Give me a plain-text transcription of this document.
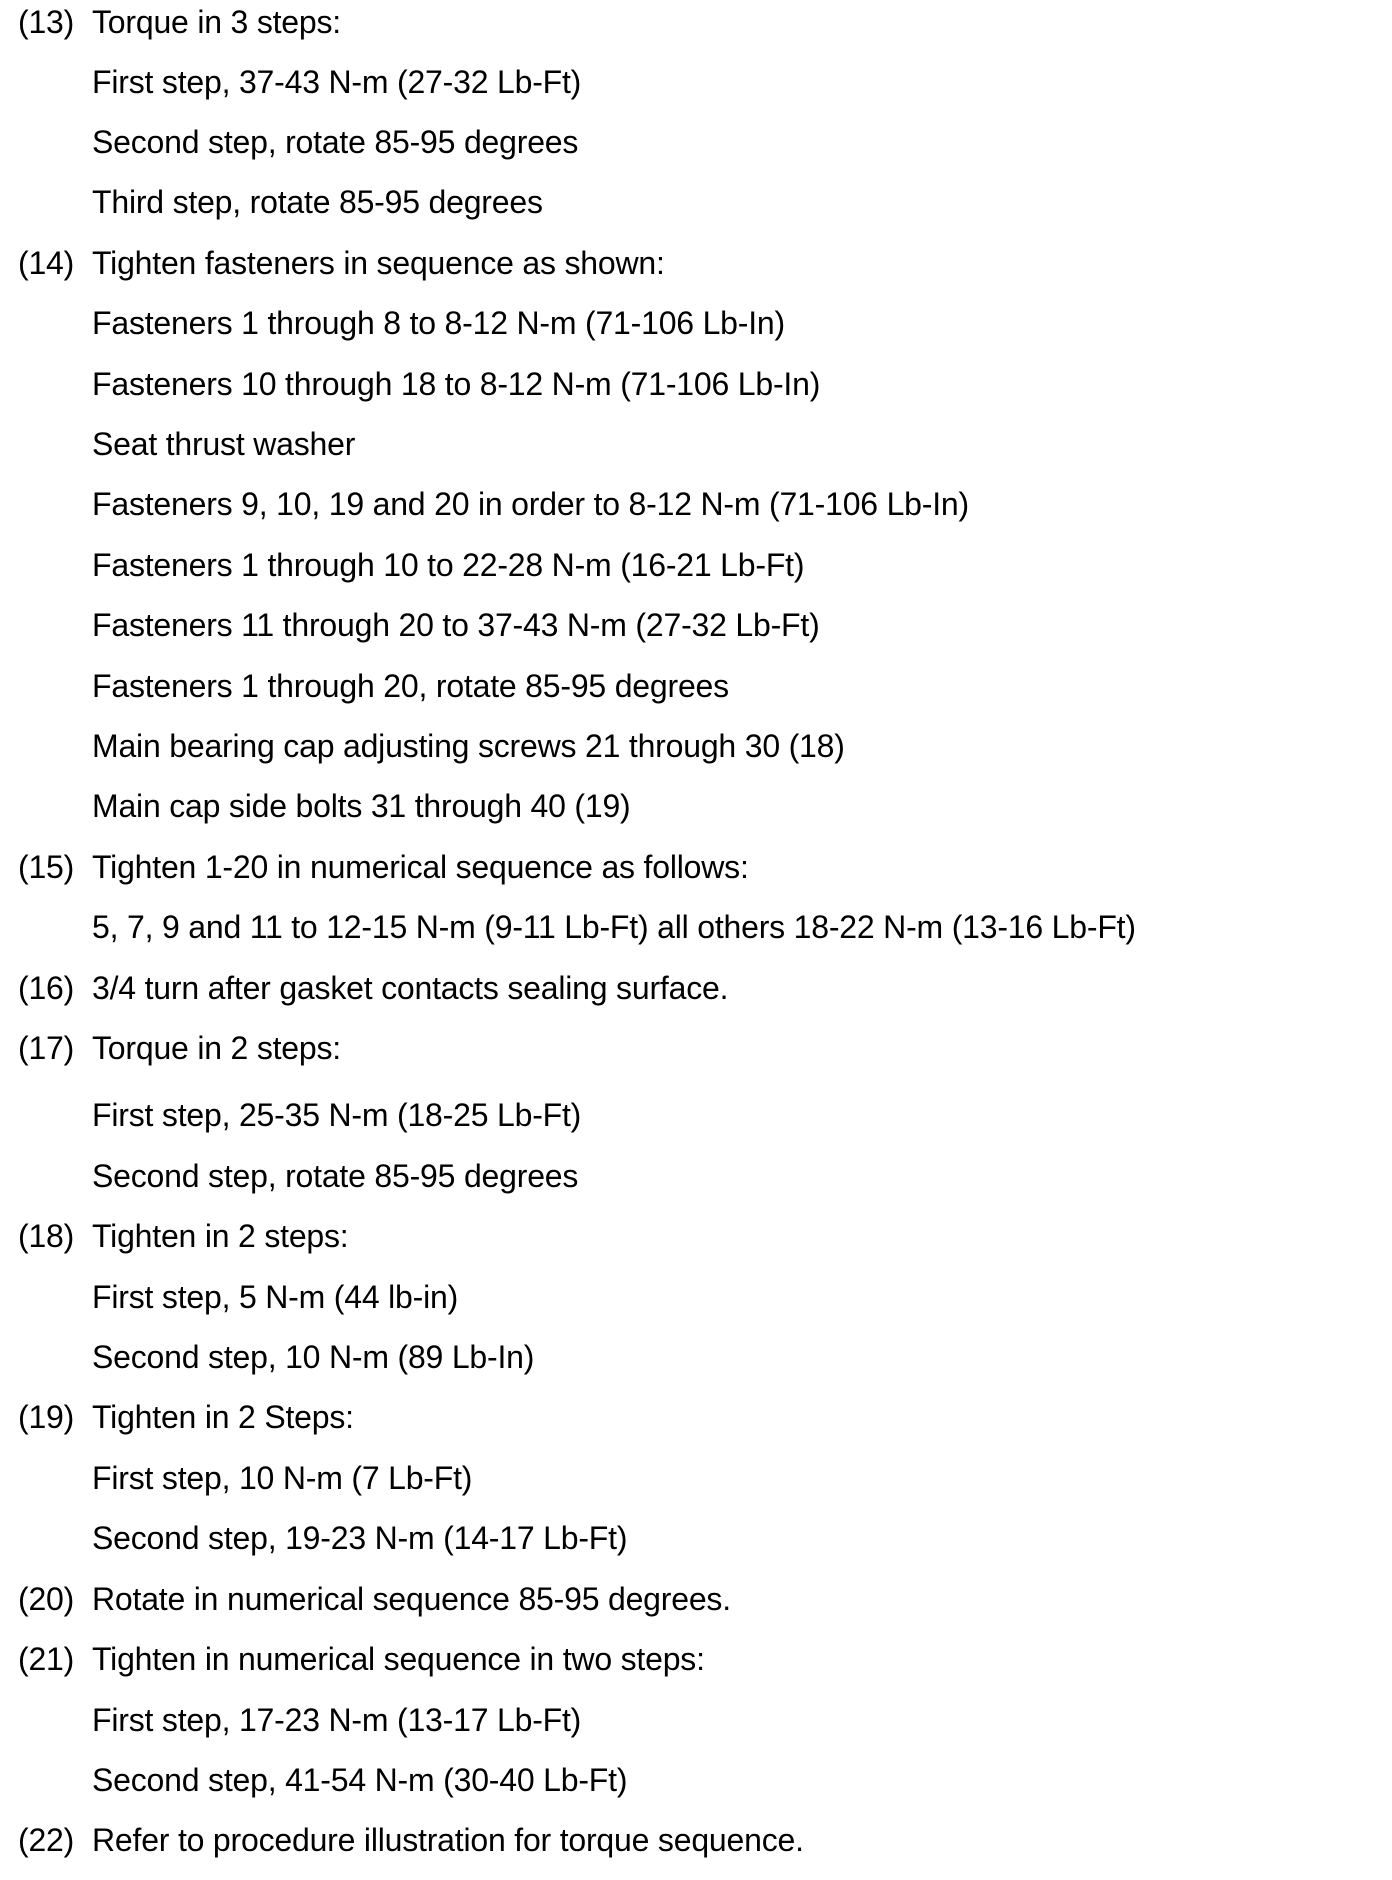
(13) Torque in 3 steps:
First step, 37-43 N-m (27-32 Lb-Ft)
Second step, rotate 85-95 degrees
Third step, rotate 85-95 degrees
(14) Tighten fasteners in sequence as shown:
Fasteners 1 through 8 to 8-12 N-m (71-106 Lb-In)
Fasteners 10 through 18 to 8-12 N-m (71-106 Lb-In)
Seat thrust washer
Fasteners 9, 10, 19 and 20 in order to 8-12 N-m (71-106 Lb-In)
Fasteners 1 through 10 to 22-28 N-m (16-21 Lb-Ft)
Fasteners 11 through 20 to 37-43 N-m (27-32 Lb-Ft)
Fasteners 1 through 20, rotate 85-95 degrees
Main bearing cap adjusting screws 21 through 30 (18)
Main cap side bolts 31 through 40 (19)
(15) Tighten 1-20 in numerical sequence as follows:
5, 7, 9 and 11 to 12-15 N-m (9-11 Lb-Ft) all others 18-22 N-m (13-16 Lb-Ft)
(16) 3/4 turn after gasket contacts sealing surface.
(17) Torque in 2 steps:
First step, 25-35 N-m (18-25 Lb-Ft)
Second step, rotate 85-95 degrees
(18) Tighten in 2 steps:
First step, 5 N-m (44 lb-in)
Second step, 10 N-m (89 Lb-In)
(19) Tighten in 2 Steps:
First step, 10 N-m (7 Lb-Ft)
Second step, 19-23 N-m (14-17 Lb-Ft)
(20) Rotate in numerical sequence 85-95 degrees.
(21) Tighten in numerical sequence in two steps:
First step, 17-23 N-m (13-17 Lb-Ft)
Second step, 41-54 N-m (30-40 Lb-Ft)
(22) Refer to procedure illustration for torque sequence.
